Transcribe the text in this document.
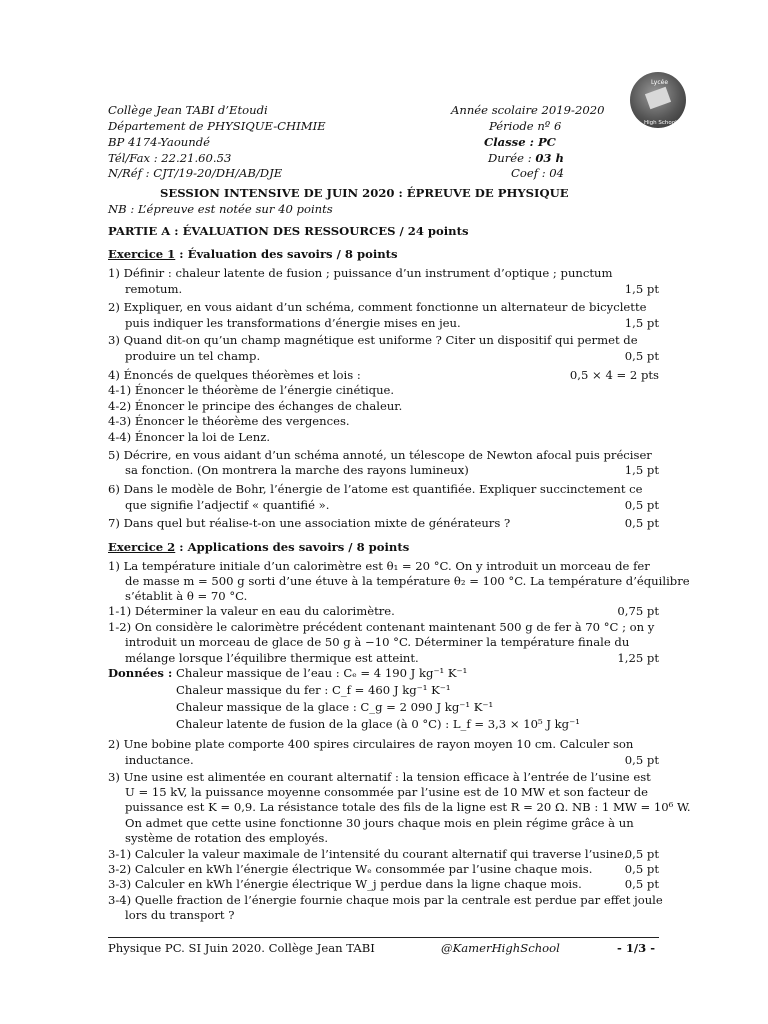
Lycée
High School
Collège Jean TABI d’Etoudi
Département de PHYSIQUE-CHIMIE
BP 4174-Yaoundé
Tél/Fax : 22.21.60.53
N/Réf : CJT/19-20/DH/AB/DJE
Année scolaire 2019-2020
Période nº 6
Classe : PC
Durée : 03 h
Coef : 04
SESSION INTENSIVE DE JUIN 2020 : ÉPREUVE DE PHYSIQUE
NB : L’épreuve est notée sur 40 points
PARTIE A : ÉVALUATION DES RESSOURCES / 24 points
Exercice 1 : Évaluation des savoirs / 8 points
1) Définir : chaleur latente de fusion ; puissance d’un instrument d’optique ; punctum
remotum.	1,5 pt
2) Expliquer, en vous aidant d’un schéma, comment fonctionne un alternateur de bicyclette
puis indiquer les transformations d’énergie mises en jeu.	1,5 pt
3) Quand dit-on qu’un champ magnétique est uniforme ? Citer un dispositif qui permet de
produire un tel champ.	0,5 pt
4) Énoncés de quelques théorèmes et lois :	0,5 × 4 = 2 pts
4-1) Énoncer le théorème de l’énergie cinétique.
4-2) Énoncer le principe des échanges de chaleur.
4-3) Énoncer le théorème des vergences.
4-4) Énoncer la loi de Lenz.
5) Décrire, en vous aidant d’un schéma annoté, un télescope de Newton afocal puis préciser
sa fonction. (On montrera la marche des rayons lumineux)	1,5 pt
6) Dans le modèle de Bohr, l’énergie de l’atome est quantifiée. Expliquer succinctement ce
que signifie l’adjectif « quantifié ».	0,5 pt
7) Dans quel but réalise-t-on une association mixte de générateurs ?	0,5 pt
Exercice 2 : Applications des savoirs / 8 points
1) La température initiale d’un calorimètre est θ₁ = 20 °C. On y introduit un morceau de fer
de masse m = 500 g sorti d’une étuve à la température θ₂ = 100 °C. La température d’équilibre
s’établit à θ = 70 °C.
1-1) Déterminer la valeur en eau du calorimètre.	0,75 pt
1-2) On considère le calorimètre précédent contenant maintenant 500 g de fer à 70 °C ; on y
introduit un morceau de glace de 50 g à −10 °C. Déterminer la température finale du
mélange lorsque l’équilibre thermique est atteint.	1,25 pt
Données : Chaleur massique de l’eau : Cₑ = 4 190 J kg⁻¹ K⁻¹
Chaleur massique du fer : C_f = 460 J kg⁻¹ K⁻¹
Chaleur massique de la glace : C_g = 2 090 J kg⁻¹ K⁻¹
Chaleur latente de fusion de la glace (à 0 °C) : L_f = 3,3 × 10⁵ J kg⁻¹
2) Une bobine plate comporte 400 spires circulaires de rayon moyen 10 cm. Calculer son
inductance.	0,5 pt
3) Une usine est alimentée en courant alternatif : la tension efficace à l’entrée de l’usine est
U = 15 kV, la puissance moyenne consommée par l’usine est de 10 MW et son facteur de
puissance est K = 0,9. La résistance totale des fils de la ligne est R = 20 Ω. NB : 1 MW = 10⁶ W.
On admet que cette usine fonctionne 30 jours chaque mois en plein régime grâce à un
système de rotation des employés.
3-1) Calculer la valeur maximale de l’intensité du courant alternatif qui traverse l’usine.
0,5 pt
3-2) Calculer en kWh l’énergie électrique Wₑ consommée par l’usine chaque mois.	0,5 pt
3-3) Calculer en kWh l’énergie électrique W_j perdue dans la ligne chaque mois.	0,5 pt
3-4) Quelle fraction de l’énergie fournie chaque mois par la centrale est perdue par effet joule
lors du transport ?
Physique PC. SI Juin 2020. Collège Jean TABI	@KamerHighSchool	- 1/3 -
